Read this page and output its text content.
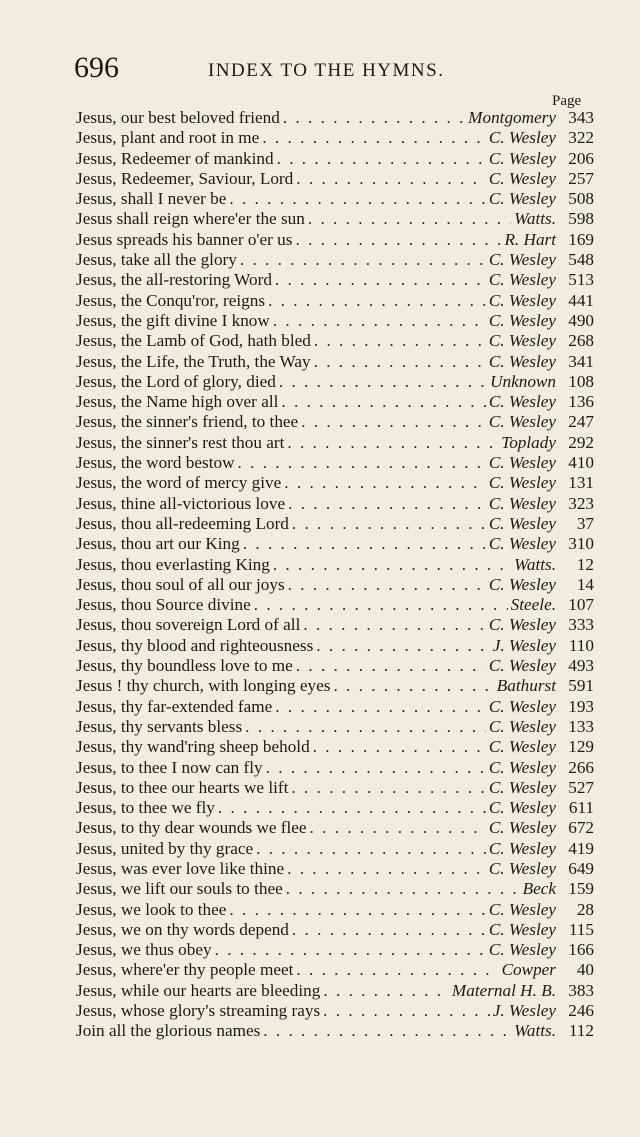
696	INDEX TO THE HYMNS.
Page
Jesus, our best beloved friend . . .	Montgomery 343
Jesus, plant and root in me . . .	C. Wesley 322
Jesus, Redeemer of mankind . . .	C. Wesley 206
Jesus, Redeemer, Saviour, Lord . . .	C. Wesley 257
Jesus, shall I never be . . .	C. Wesley 508
Jesus shall reign where'er the sun . . .	Watts. 598
Jesus spreads his banner o'er us . . .	R. Hart 169
Jesus, take all the glory . . .	C. Wesley 548
Jesus, the all-restoring Word . . .	C. Wesley 513
Jesus, the Conqu'ror, reigns . . .	C. Wesley 441
Jesus, the gift divine I know . . .	C. Wesley 490
Jesus, the Lamb of God, hath bled . . .	C. Wesley 268
Jesus, the Life, the Truth, the Way . . .	C. Wesley 341
Jesus, the Lord of glory, died . . .	Unknown 108
Jesus, the Name high over all . . .	C. Wesley 136
Jesus, the sinner's friend, to thee . . .	C. Wesley 247
Jesus, the sinner's rest thou art . . .	Toplady 292
Jesus, the word bestow . . .	C. Wesley 410
Jesus, the word of mercy give . . .	C. Wesley 131
Jesus, thine all-victorious love . . .	C. Wesley 323
Jesus, thou all-redeeming Lord . . .	C. Wesley	37
Jesus, thou art our King . . .	C. Wesley 310
Jesus, thou everlasting King . . .	Watts.	12
Jesus, thou soul of all our joys . . .	C. Wesley	14
Jesus, thou Source divine . . .	Steele. 107
Jesus, thou sovereign Lord of all . . .	C. Wesley 333
Jesus, thy blood and righteousness . . .	J. Wesley 110
Jesus, thy boundless love to me . . .	C. Wesley 493
Jesus ! thy church, with longing eyes . . .	Bathurst 591
Jesus, thy far-extended fame . . .	C. Wesley 193
Jesus, thy servants bless . . .	C. Wesley 133
Jesus, thy wand'ring sheep behold . . .	C. Wesley 129
Jesus, to thee I now can fly . . .	C. Wesley 266
Jesus, to thee our hearts we lift . . .	C. Wesley 527
Jesus, to thee we fly . . .	C. Wesley 611
Jesus, to thy dear wounds we flee . . .	C. Wesley 672
Jesus, united by thy grace . . .	C. Wesley 419
Jesus, was ever love like thine . . .	C. Wesley 649
Jesus, we lift our souls to thee . . .	Beck 159
Jesus, we look to thee . . .	C. Wesley	28
Jesus, we on thy words depend . . .	C. Wesley 115
Jesus, we thus obey . . .	C. Wesley 166
Jesus, where'er thy people meet . . .	Cowper	40
Jesus, while our hearts are bleeding . . .	Maternal H. B. 383
Jesus, whose glory's streaming rays . . .	J. Wesley 246
Join all the glorious names . . .	Watts. 112
